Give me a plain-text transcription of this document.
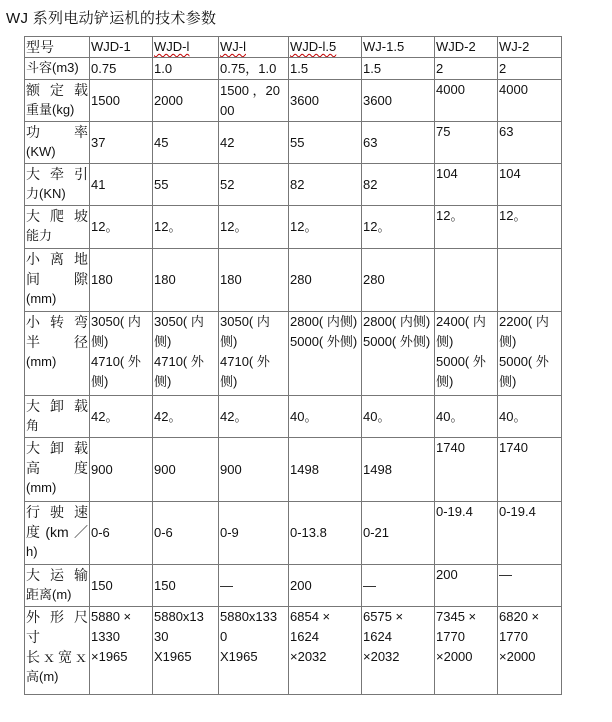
WJ 系列电动铲运机的技术参数
型号	WJD-1	WJD-l	WJ-l	WJD-l.5	WJ-1.5	WJD-2	WJ-2

斗容(m3)	0.75	1.0	0.75，1.0	1.5	1.5	2	2

额定载
重量(kg)	1500	2000	1500 ，2000	3600	3600	4000	4000

功 率
(KW)	37	45	42	55	63	75	63

大牵引
力(KN)	41	55	52	82	82	104	104

大爬坡
能力	12。	12。	12。	12。	12。	12。	12。

小离地
间 隙
(mm)	180	180	180	280	280		

小转弯
半 径
(mm)	3050( 内侧)
4710( 外侧)	3050( 内侧)
4710( 外侧)	3050( 内侧)
4710( 外侧)	2800( 内侧)
5000( 外侧)	2800( 内侧)
5000( 外侧)	2400( 内侧)
5000( 外侧)	2200( 内侧)
5000( 外侧)

大卸载
角	42。	42。	42。	40。	40。	40。	40。

大卸载
高 度
(mm)	900	900	900	1498	1498	1740	1740

行驶速
度(km／
h)	0-6	0-6	0-9	0-13.8	0-21	0-19.4	0-19.4

大运输
距离(m)	150	150	—	200	—	200	—

外形尺
寸
长ｘ宽ｘ
高(m)	5880 ×
1330
×1965	5880x13
30
X1965	5880x133
0
X1965	6854 ×
1624
×2032	6575 ×
1624
×2032	7345 ×
1770
×2000	6820 ×
1770
×2000
